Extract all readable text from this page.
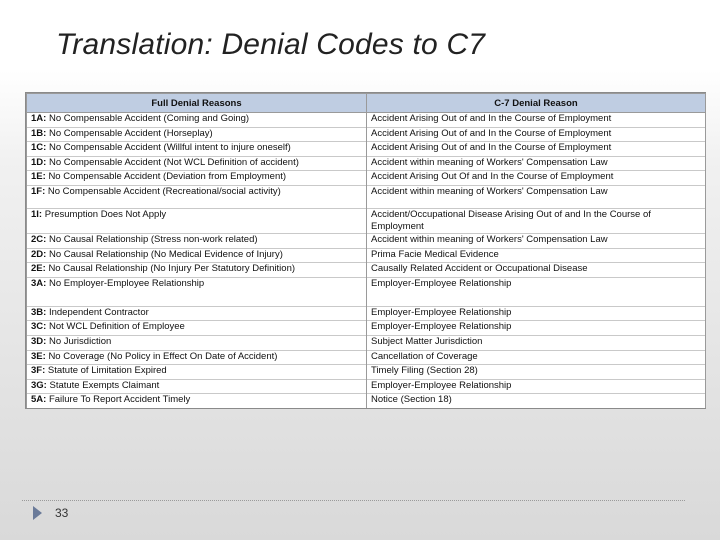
Translation: Denial Codes to C7
Full Denial Reasons	C-7 Denial Reason
1A: No Compensable Accident (Coming and Going)	Accident Arising Out of and In the Course of Employment
1B: No Compensable Accident (Horseplay)	Accident Arising Out of and In the Course of Employment
1C: No Compensable Accident (Willful intent to injure oneself)	Accident Arising Out of and In the Course of Employment
1D: No Compensable Accident (Not WCL Definition of accident)	Accident within meaning of Workers' Compensation Law
1E: No Compensable Accident (Deviation from Employment)	Accident Arising Out Of and In the Course of Employment
1F: No Compensable Accident (Recreational/social activity)	Accident within meaning of Workers' Compensation Law
1I: Presumption Does Not Apply	Accident/Occupational Disease Arising Out of and In the Course of Employment
2C: No Causal Relationship (Stress non-work related)	Accident within meaning of Workers' Compensation Law
2D: No Causal Relationship (No Medical Evidence of Injury)	Prima Facie Medical Evidence
2E: No Causal Relationship (No Injury Per Statutory Definition)	Causally Related Accident or Occupational Disease
3A: No Employer-Employee Relationship	Employer-Employee Relationship
3B: Independent Contractor	Employer-Employee Relationship
3C: Not WCL Definition of Employee	Employer-Employee Relationship
3D: No Jurisdiction	Subject Matter Jurisdiction
3E: No Coverage (No Policy in Effect On Date of Accident)	Cancellation of Coverage
3F: Statute of Limitation Expired	Timely Filing (Section 28)
3G: Statute Exempts Claimant	Employer-Employee Relationship
5A: Failure To Report Accident Timely	Notice (Section 18)
33
